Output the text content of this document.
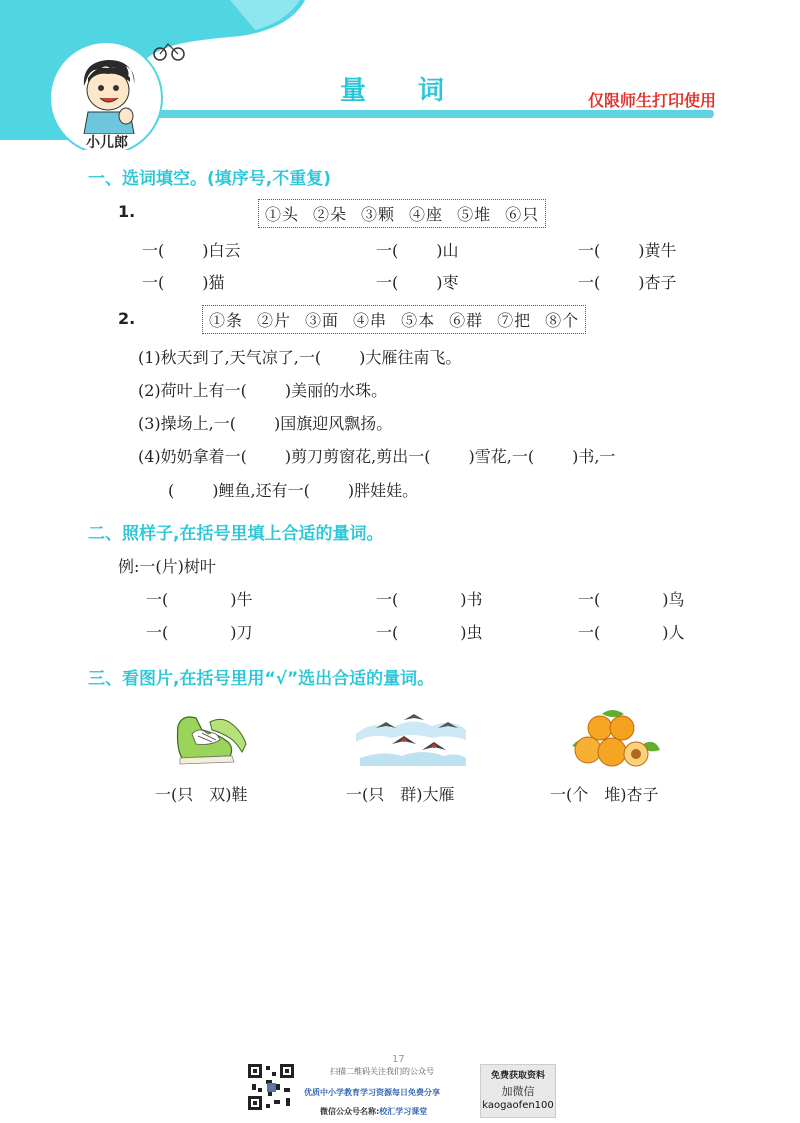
小儿郎
量　　词	仅限师生打印使用
一、选词填空。(填序号,不重复)
1.	①头 ②朵 ③颗 ④座 ⑤堆 ⑥只
一( )白云	一( )山	一( )黄牛
一( )猫	一( )枣	一( )杏子
2.	①条 ②片 ③面 ④串 ⑤本 ⑥群 ⑦把 ⑧个
(1)秋天到了,天气凉了,一( )大雁往南飞。
(2)荷叶上有一( )美丽的水珠。
(3)操场上,一( )国旗迎风飘扬。
(4)奶奶拿着一( )剪刀剪窗花,剪出一( )雪花,一( )书,一
( )鲤鱼,还有一( )胖娃娃。
二、照样子,在括号里填上合适的量词。
例:一(片)树叶
一(	)牛	一(	)书	一(	)鸟
一(	)刀	一(	)虫	一(	)人
三、看图片,在括号里用“√”选出合适的量词。
一(只　双)鞋	一(只　群)大雁	一(个　堆)杏子
17
扫描二维码关注我们的公众号
优质中小学教育学习资源每日免费分享
微信公众号名称:校汇学习课堂
免费获取资料
加微信
kaogaofen100
